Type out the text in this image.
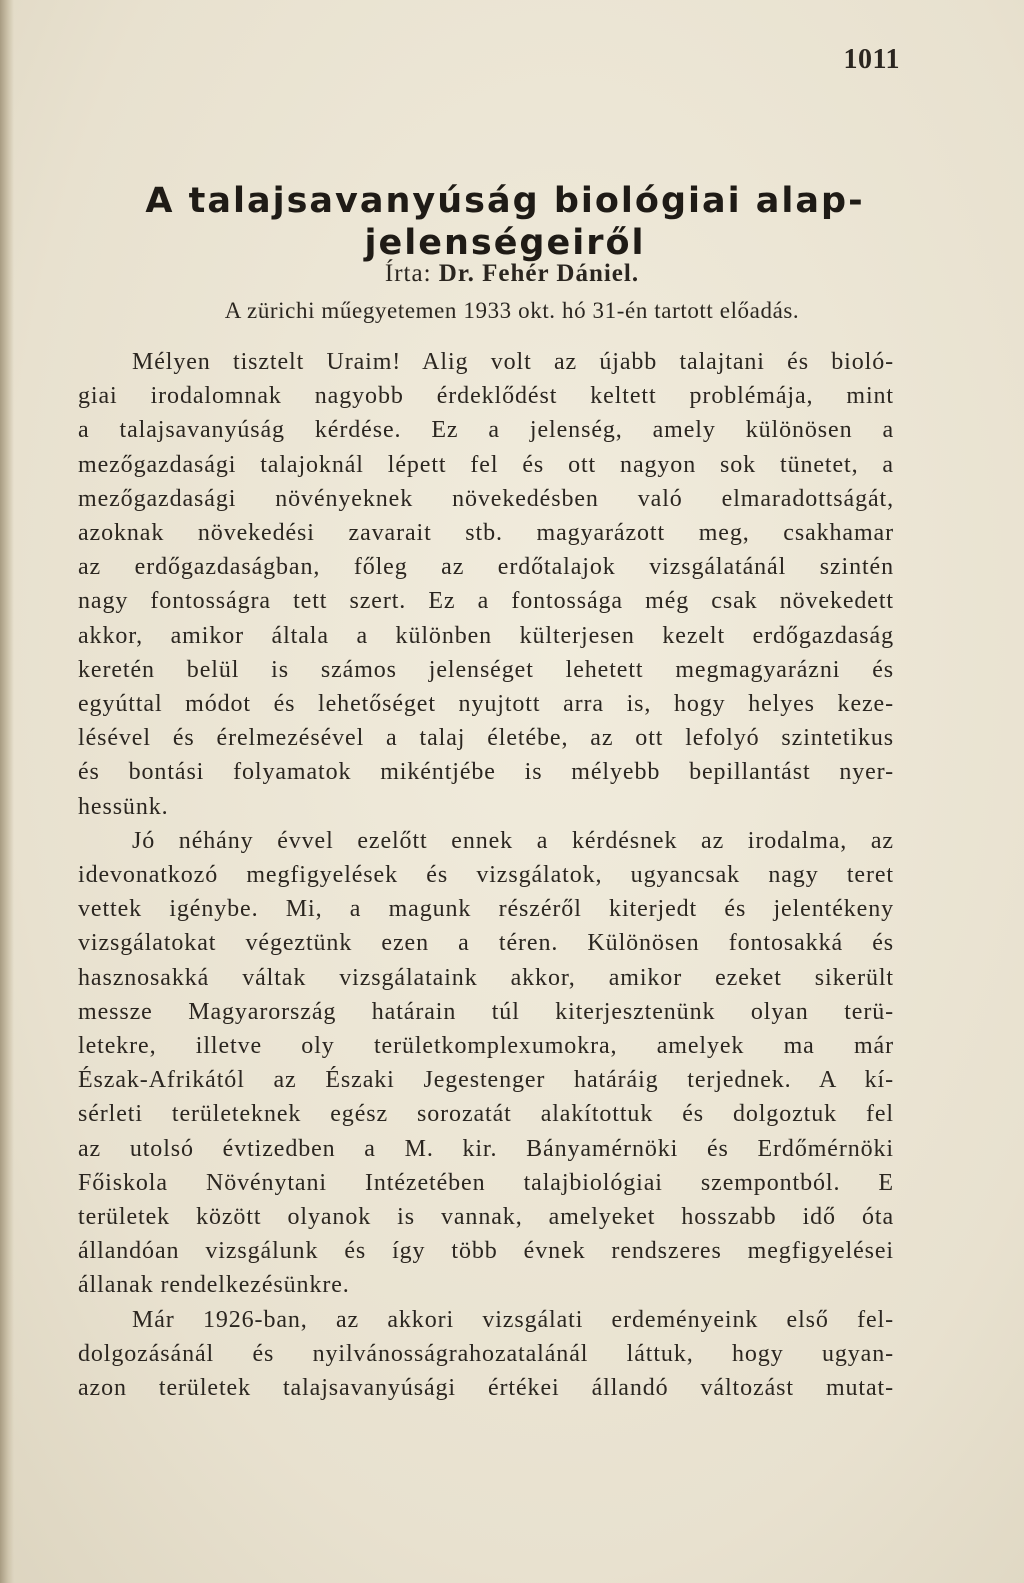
1011
A talajsavanyúság biológiai alap-
jelenségeiről
Írta: Dr. Fehér Dániel.
A zürichi műegyetemen 1933 okt. hó 31-én tartott előadás.
Mélyen tisztelt Uraim! Alig volt az újabb talajtani és bioló-
giai irodalomnak nagyobb érdeklődést keltett problémája, mint
a talajsavanyúság kérdése. Ez a jelenség, amely különösen a
mezőgazdasági talajoknál lépett fel és ott nagyon sok tünetet, a
mezőgazdasági növényeknek növekedésben való elmaradottságát,
azoknak növekedési zavarait stb. magyarázott meg, csakhamar
az erdőgazdaságban, főleg az erdőtalajok vizsgálatánál szintén
nagy fontosságra tett szert. Ez a fontossága még csak növekedett
akkor, amikor általa a különben külterjesen kezelt erdőgazdaság
keretén belül is számos jelenséget lehetett megmagyarázni és
egyúttal módot és lehetőséget nyujtott arra is, hogy helyes keze-
lésével és érelmezésével a talaj életébe, az ott lefolyó szintetikus
és bontási folyamatok mikéntjébe is mélyebb bepillantást nyer-
hessünk.
Jó néhány évvel ezelőtt ennek a kérdésnek az irodalma, az
idevonatkozó megfigyelések és vizsgálatok, ugyancsak nagy teret
vettek igénybe. Mi, a magunk részéről kiterjedt és jelentékeny
vizsgálatokat végeztünk ezen a téren. Különösen fontosakká és
hasznosakká váltak vizsgálataink akkor, amikor ezeket sikerült
messze Magyarország határain túl kiterjesztenünk olyan terü-
letekre, illetve oly területkomplexumokra, amelyek ma már
Észak-Afrikától az Északi Jegestenger határáig terjednek. A kí-
sérleti területeknek egész sorozatát alakítottuk és dolgoztuk fel
az utolsó évtizedben a M. kir. Bányamérnöki és Erdőmérnöki
Főiskola Növénytani Intézetében talajbiológiai szempontból. E
területek között olyanok is vannak, amelyeket hosszabb idő óta
állandóan vizsgálunk és így több évnek rendszeres megfigyelései
állanak rendelkezésünkre.
Már 1926-ban, az akkori vizsgálati erdeményeink első fel-
dolgozásánál és nyilvánosságrahozatalánál láttuk, hogy ugyan-
azon területek talajsavanyúsági értékei állandó változást mutat-
